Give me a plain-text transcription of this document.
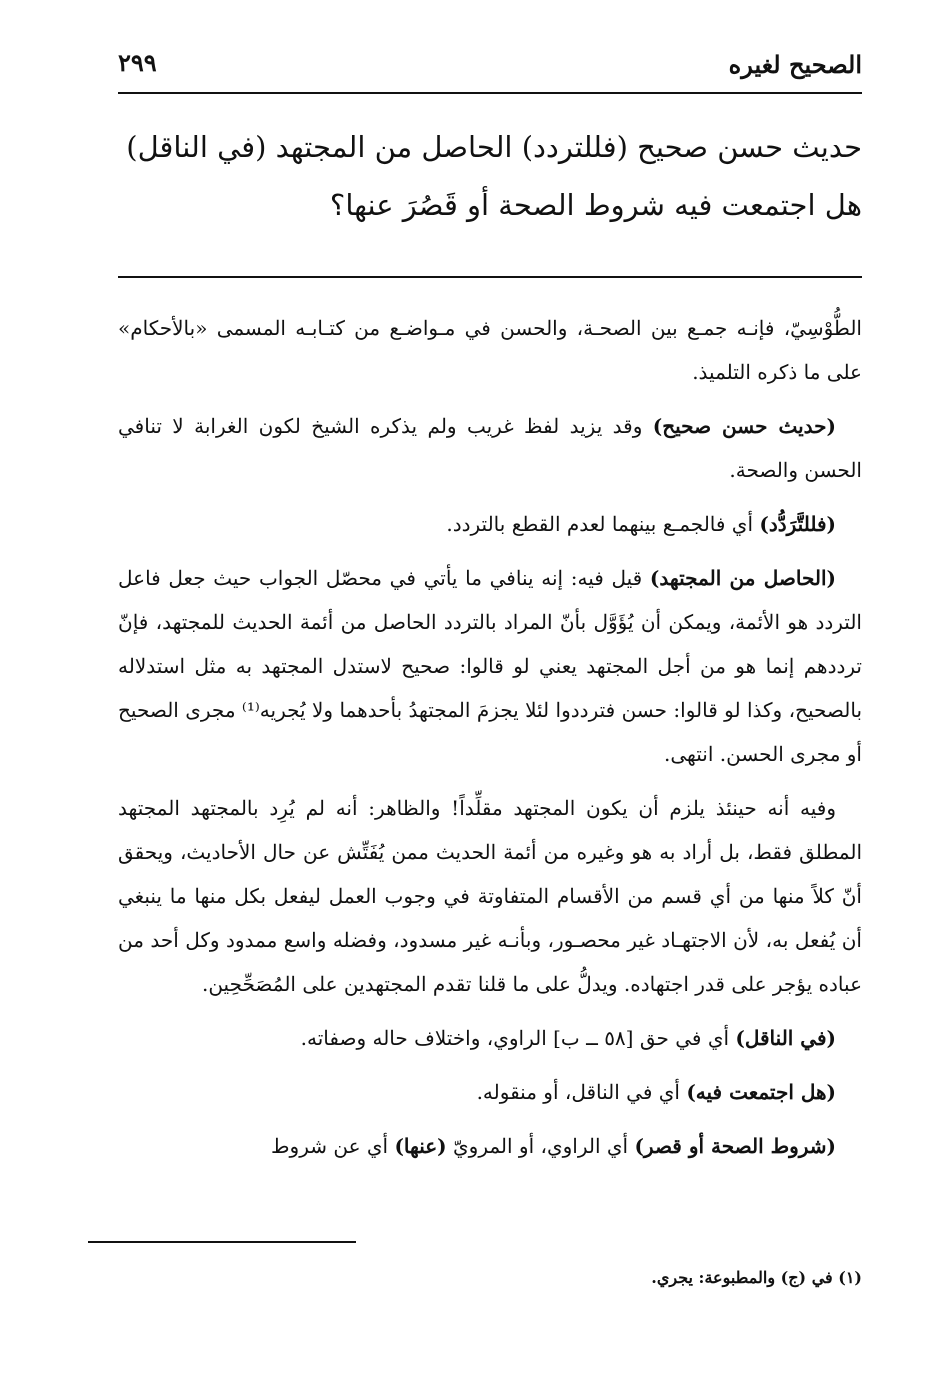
الصحيح لغيره
٢٩٩

حديث حسن صحيح (فللتردد) الحاصل من المجتهد (في الناقل)

هل اجتمعت فيه شروط الصحة أو قَصُرَ عنها؟

الطُّوْسِيّ، فإنـه جمـع بين الصحـة، والحسن في مـواضـع من كتـابـه المسمى «بالأحكام» على ما ذكره التلميذ.

(حديث حسن صحيح) وقد يزيد لفظ غريب ولم يذكره الشيخ لكون الغرابة لا تنافي الحسن والصحة.

(فللتَّرَدُّد) أي فالجمـع بينهما لعدم القطع بالتردد.

(الحاصل من المجتهد) قيل فيه: إنه ينافي ما يأتي في محصّل الجواب حيث جعل فاعل التردد هو الأئمة، ويمكن أن يُؤَوَّل بأنّ المراد بالتردد الحاصل من أئمة الحديث للمجتهد، فإنّ ترددهم إنما هو من أجل المجتهد يعني لو قالوا: صحيح لاستدل المجتهد به مثل استدلاله بالصحيح، وكذا لو قالوا: حسن فترددوا لئلا يجزمَ المجتهدُ بأحدهما ولا يُجريه⁽¹⁾ مجرى الصحيح أو مجرى الحسن. انتهى.

وفيه أنه حينئذ يلزم أن يكون المجتهد مقلِّداً! والظاهر: أنه لم يُرِد بالمجتهد المجتهد المطلق فقط، بل أراد به هو وغيره من أئمة الحديث ممن يُفَتِّش عن حال الأحاديث، ويحقق أنّ كلاً منها من أي قسم من الأقسام المتفاوتة في وجوب العمل ليفعل بكل منها ما ينبغي أن يُفعل به، لأن الاجتهـاد غير محصـور، وبأنـه غير مسدود، وفضله واسع ممدود وكل أحد من عباده يؤجر على قدر اجتهاده. ويدلُّ على ما قلنا تقدم المجتهدين على المُصَحِّحِين.

(في الناقل) أي في حق [٥٨ ــ ب] الراوي، واختلاف حاله وصفاته.

(هل اجتمعت فيه) أي في الناقل، أو منقوله.

(شروط الصحة أو قصر) أي الراوي، أو المرويّ (عنها) أي عن شروط

(١) في (ج) والمطبوعة: يجري.
